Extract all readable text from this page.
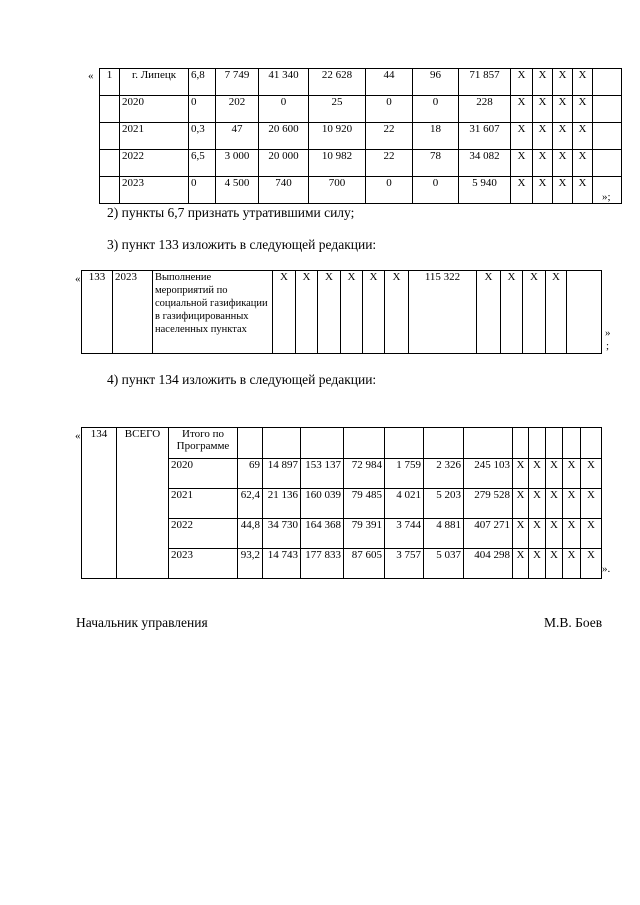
« 1	г. Липецк	6,8	7 749	41 340	22 628	44	96	71 857	Х	Х	Х	Х	
	2020	0	202	0	25	0	0	228	Х	Х	Х	Х	
	2021	0,3	47	20 600	10 920	22	18	31 607	Х	Х	Х	Х	
	2022	6,5	3 000	20 000	10 982	22	78	34 082	Х	Х	Х	Х	
	2023	0	4 500	740	700	0	0	5 940	Х	Х	Х	Х	
»;
2) пункты 6,7 признать утратившими силу;
3) пункт 133 изложить в следующей редакции:
« 133	2023	Выполнение мероприятий по социальной газификации в газифицированных населенных пунктах	Х	Х	Х	Х	Х	Х	115 322	Х	Х	Х	Х	
»
;
4) пункт 134 изложить в следующей редакции:
« 134	ВСЕГО	Итого по Программе												
		2020	69	14 897	153 137	72 984	1 759	2 326	245 103	Х	Х	Х	Х	Х
		2021	62,4	21 136	160 039	79 485	4 021	5 203	279 528	Х	Х	Х	Х	Х
		2022	44,8	34 730	164 368	79 391	3 744	4 881	407 271	Х	Х	Х	Х	Х
		2023	93,2	14 743	177 833	87 605	3 757	5 037	404 298	Х	Х	Х	Х	Х
».
Начальник управления	М.В. Боев
